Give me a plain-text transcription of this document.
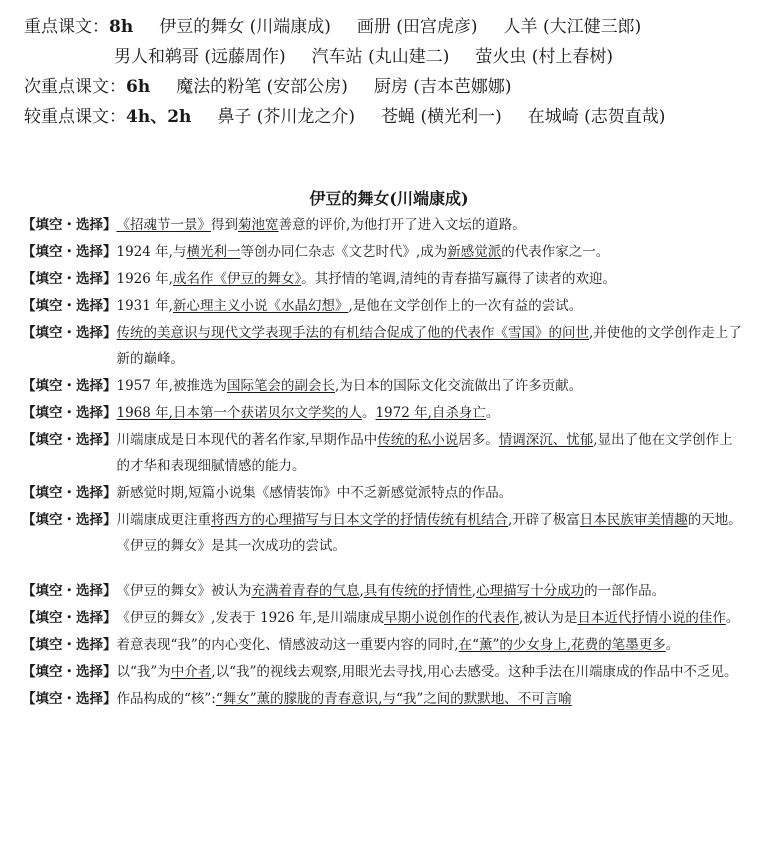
重点课文：8h 伊豆的舞女 (川端康成) 画册 (田宫虎彦) 人羊 (大江健三郎)
男人和鹈哥 (远藤周作) 汽车站 (丸山建二) 萤火虫 (村上春树)
次重点课文：6h 魔法的粉笔 (安部公房) 厨房 (吉本芭娜娜)
较重点课文：4h、2h 鼻子 (芥川龙之介) 苍蝇 (横光利一) 在城崎 (志贺直哉)
伊豆的舞女(川端康成)
【填空・选择】 《招魂节一景》得到菊池宽善意的评价,为他打开了进入文坛的道路。
【填空・选择】 1924 年,与横光利一等创办同仁杂志《文艺时代》,成为新感觉派的代表作家之一。
【填空・选择】 1926 年,成名作《伊豆的舞女》。其抒情的笔调,清纯的青春描写赢得了读者的欢迎。
【填空・选择】 1931 年,新心理主义小说《水晶幻想》,是他在文学创作上的一次有益的尝试。
【填空・选择】 传统的美意识与现代文学表现手法的有机结合促成了他的代表作《雪国》的问世,并使他的文学创作走上了新的巅峰。
【填空・选择】 1957 年,被推选为国际笔会的副会长,为日本的国际文化交流做出了许多贡献。
【填空・选择】 1968 年,日本第一个获诺贝尔文学奖的人。1972 年,自杀身亡。
【填空・选择】 川端康成是日本现代的著名作家,早期作品中传统的私小说居多。情调深沉、忧郁,显出了他在文学创作上的才华和表现细腻情感的能力。
【填空・选择】 新感觉时期,短篇小说集《感情装饰》中不乏新感觉派特点的作品。
【填空・选择】 川端康成更注重将西方的心理描写与日本文学的抒情传统有机结合,开辟了极富日本民族审美情趣的天地。《伊豆的舞女》是其一次成功的尝试。
【填空・选择】 《伊豆的舞女》被认为充满着青春的气息,具有传统的抒情性,心理描写十分成功的一部作品。
【填空・选择】 《伊豆的舞女》,发表于 1926 年,是川端康成早期小说创作的代表作,被认为是日本近代抒情小说的佳作。
【填空・选择】 着意表现“我”的内心变化、情感波动这一重要内容的同时,在“薰”的少女身上,花费的笔墨更多。
【填空・选择】 以“我”为中介者,以“我”的视线去观察,用眼光去寻找,用心去感受。这种手法在川端康成的作品中不乏见。
【填空・选择】 作品构成的“核”:“舞女”薰的朦胧的青春意识,与“我”之间的默默地、不可言喻
